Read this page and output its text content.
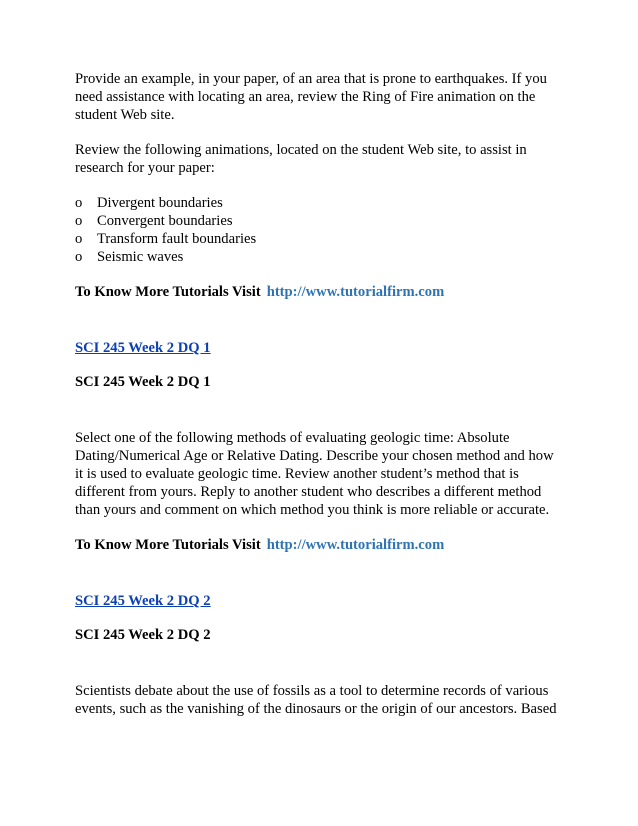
Provide an example, in your paper, of an area that is prone to earthquakes. If you
need assistance with locating an area, review the Ring of Fire animation on the
student Web site.

Review the following animations, located on the student Web site, to assist in
research for your paper:

o	Divergent boundaries
o	Convergent boundaries
o	Transform fault boundaries
o	Seismic waves

To Know More Tutorials Visit http://www.tutorialfirm.com

SCI 245 Week 2 DQ 1

SCI 245 Week 2 DQ 1

Select one of the following methods of evaluating geologic time: Absolute
Dating/Numerical Age or Relative Dating. Describe your chosen method and how
it is used to evaluate geologic time. Review another student’s method that is
different from yours. Reply to another student who describes a different method
than yours and comment on which method you think is more reliable or accurate.

To Know More Tutorials Visit http://www.tutorialfirm.com

SCI 245 Week 2 DQ 2

SCI 245 Week 2 DQ 2

Scientists debate about the use of fossils as a tool to determine records of various
events, such as the vanishing of the dinosaurs or the origin of our ancestors. Based
